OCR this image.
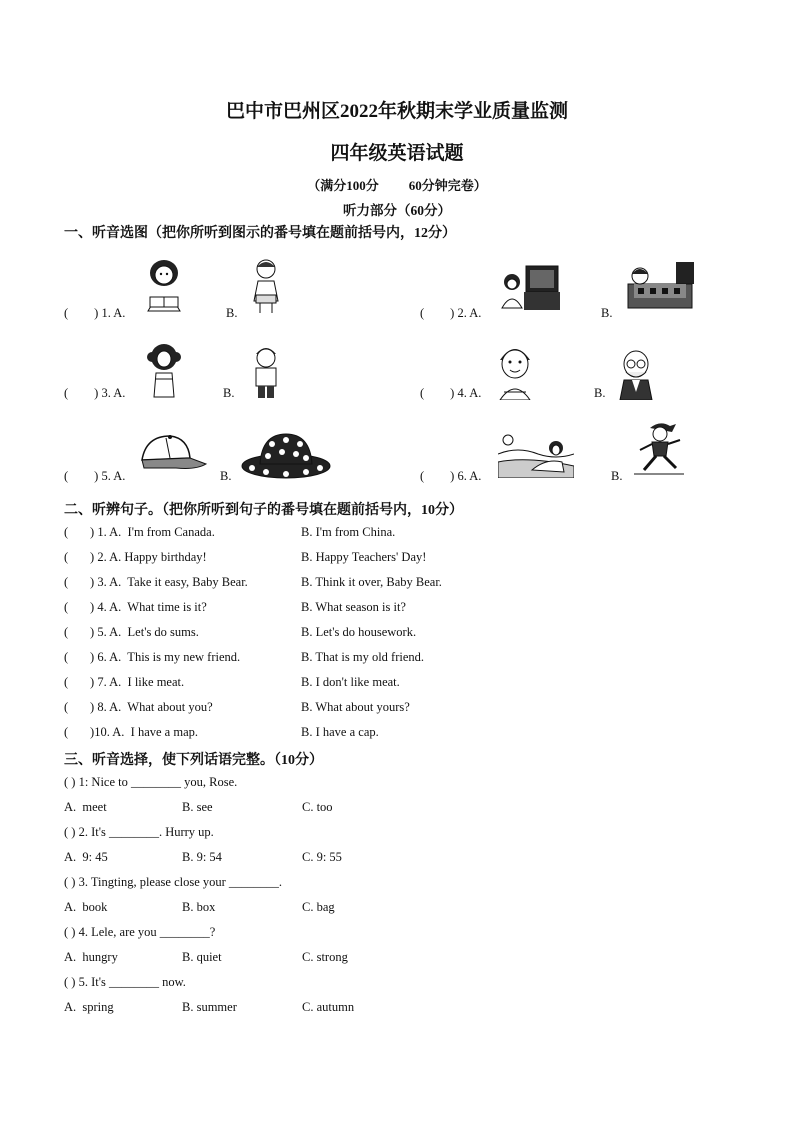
巴中市巴州区2022年秋期末学业质量监测
四年级英语试题
（满分100分 60分钟完卷）
听力部分（60分）
一、听音选图（把你所听到图示的番号填在题前括号内，12分）
( ) 1. A.	B.	( ) 2. A.	B.
( ) 3. A.	B.	( ) 4. A.	B.
( ) 5. A.	B.	( ) 6. A.	B.
二、听辨句子。（把你所听到句子的番号填在题前括号内，10分）
(       ) 1. A.  I'm from Canada.	B. I'm from China.
(       ) 2. A. Happy birthday!	B. Happy Teachers' Day!
(       ) 3. A.  Take it easy, Baby Bear.	B. Think it over, Baby Bear.
(       ) 4. A.  What time is it?	B. What season is it?
(       ) 5. A.  Let's do sums.	B. Let's do housework.
(       ) 6. A.  This is my new friend.	B. That is my old friend.
(       ) 7. A.  I like meat.	B. I don't like meat.
(       ) 8. A.  What about you?	B. What about yours?
(       )10. A.  I have a map.	B. I have a cap.
三、听音选择，使下列话语完整。（10分）
( ) 1: Nice to ________ you, Rose.
A.  meet	B. see	C. too
( ) 2. It's ________. Hurry up.
A.  9: 45	B. 9: 54	C. 9: 55
( ) 3. Tingting, please close your ________.
A.  book	B. box	C. bag
( ) 4. Lele, are you ________?
A.  hungry	B. quiet	C. strong
( ) 5. It's ________ now.
A.  spring	B. summer	C. autumn
